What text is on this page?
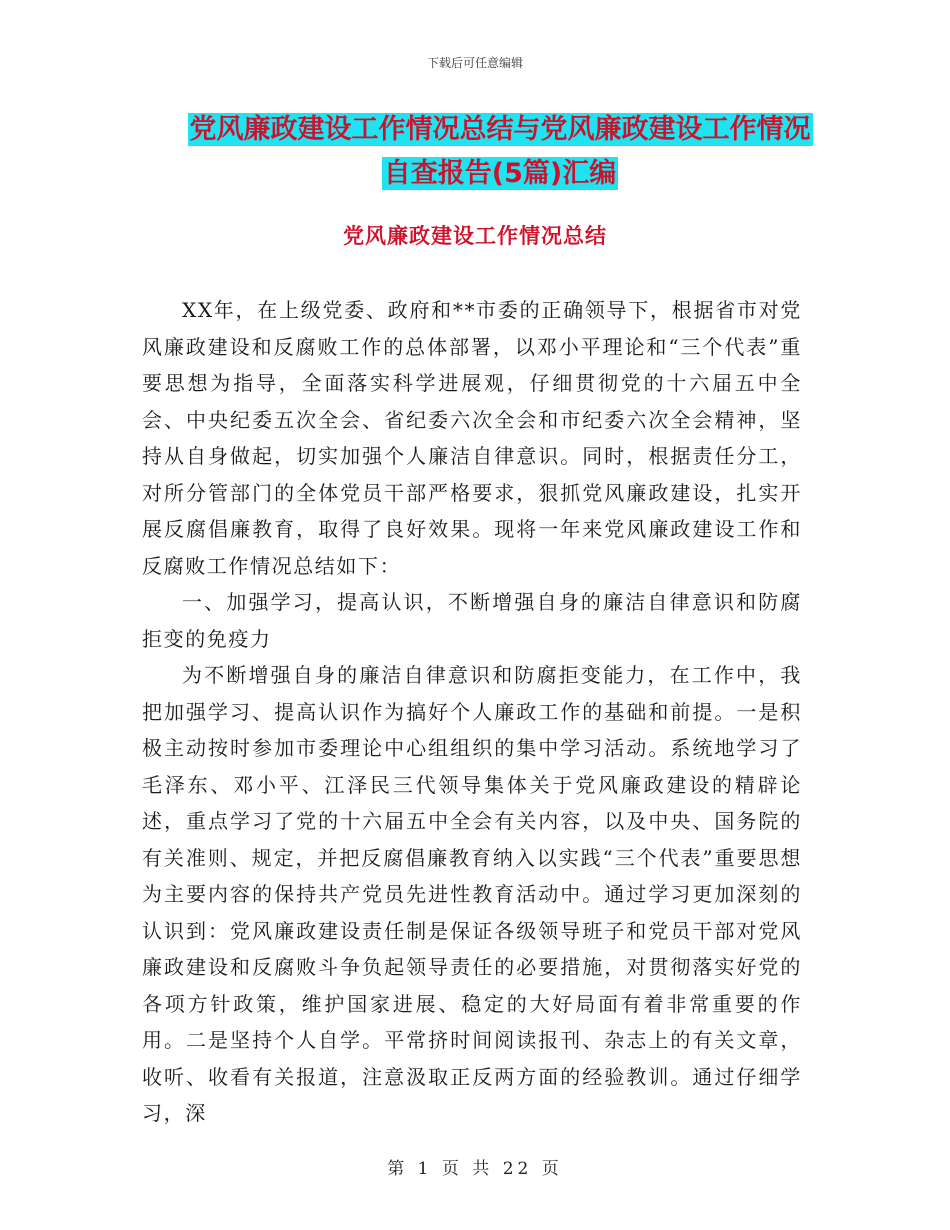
下载后可任意编辑
党风廉政建设工作情况总结与党风廉政建设工作情况
自查报告(5篇)汇编
党风廉政建设工作情况总结

XX年，在上级党委、政府和**市委的正确领导下，根据省市对党风廉政建设和反腐败工作的总体部署，以邓小平理论和“三个代表”重要思想为指导，全面落实科学进展观，仔细贯彻党的十六届五中全会、中央纪委五次全会、省纪委六次全会和市纪委六次全会精神，坚持从自身做起，切实加强个人廉洁自律意识。同时，根据责任分工，对所分管部门的全体党员干部严格要求，狠抓党风廉政建设，扎实开展反腐倡廉教育，取得了良好效果。现将一年来党风廉政建设工作和反腐败工作情况总结如下：

一、加强学习，提高认识，不断增强自身的廉洁自律意识和防腐拒变的免疫力

为不断增强自身的廉洁自律意识和防腐拒变能力，在工作中，我把加强学习、提高认识作为搞好个人廉政工作的基础和前提。一是积极主动按时参加市委理论中心组组织的集中学习活动。系统地学习了毛泽东、邓小平、江泽民三代领导集体关于党风廉政建设的精辟论述，重点学习了党的十六届五中全会有关内容，以及中央、国务院的有关准则、规定，并把反腐倡廉教育纳入以实践“三个代表”重要思想为主要内容的保持共产党员先进性教育活动中。通过学习更加深刻的认识到：党风廉政建设责任制是保证各级领导班子和党员干部对党风廉政建设和反腐败斗争负起领导责任的必要措施，对贯彻落实好党的各项方针政策，维护国家进展、稳定的大好局面有着非常重要的作用。二是坚持个人自学。平常挤时间阅读报刊、杂志上的有关文章，收听、收看有关报道，注意汲取正反两方面的经验教训。通过仔细学习，深

第 1 页 共 22 页
